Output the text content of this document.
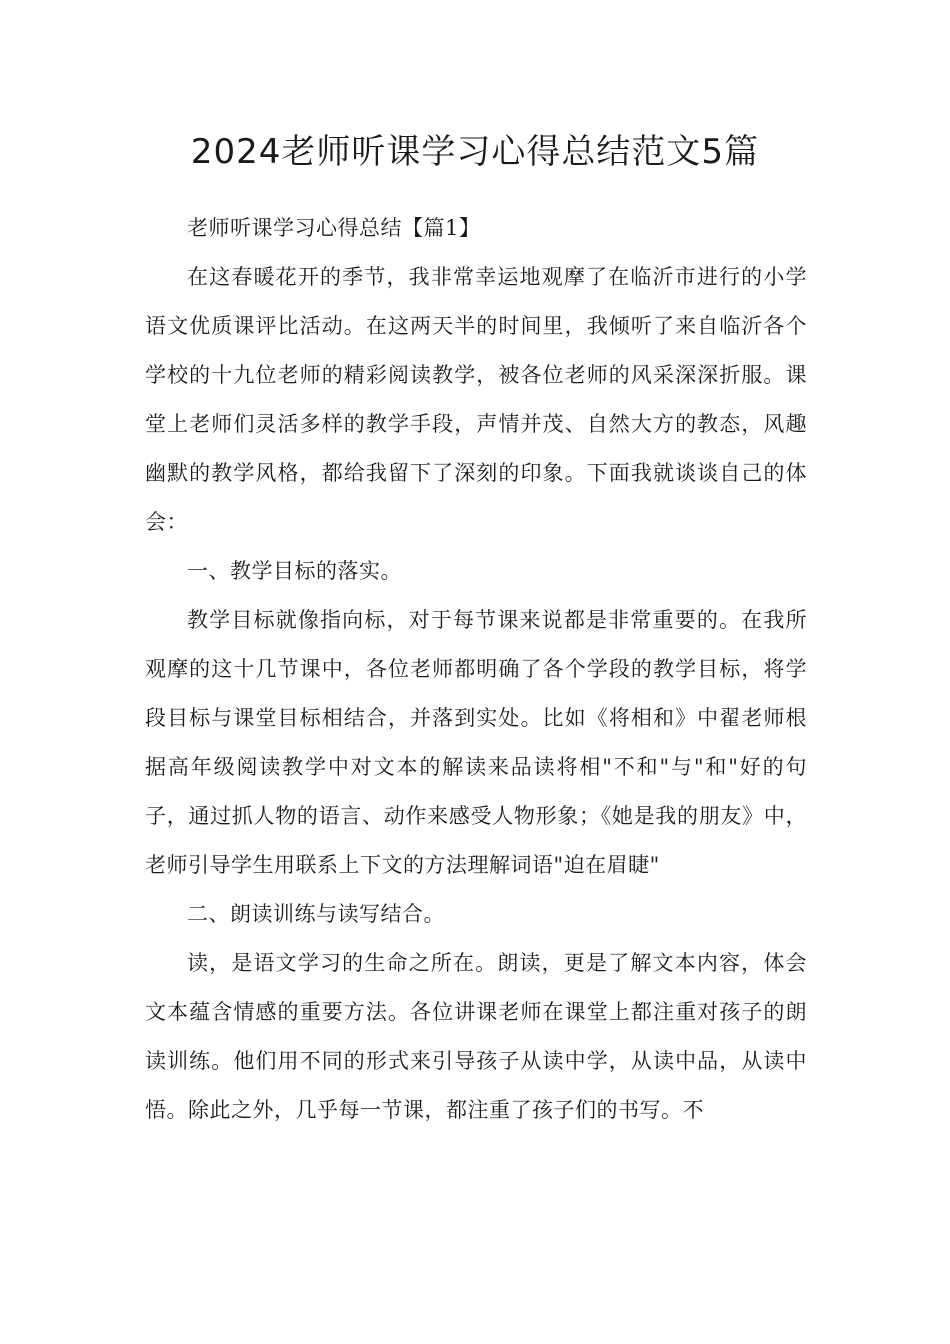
2024老师听课学习心得总结范文5篇

老师听课学习心得总结【篇1】

在这春暖花开的季节，我非常幸运地观摩了在临沂市进行的小学语文优质课评比活动。在这两天半的时间里，我倾听了来自临沂各个学校的十九位老师的精彩阅读教学，被各位老师的风采深深折服。课堂上老师们灵活多样的教学手段，声情并茂、自然大方的教态，风趣幽默的教学风格，都给我留下了深刻的印象。下面我就谈谈自己的体会：

一、教学目标的落实。

教学目标就像指向标，对于每节课来说都是非常重要的。在我所观摩的这十几节课中，各位老师都明确了各个学段的教学目标，将学段目标与课堂目标相结合，并落到实处。比如《将相和》中翟老师根据高年级阅读教学中对文本的解读来品读将相"不和"与"和"好的句子，通过抓人物的语言、动作来感受人物形象；《她是我的朋友》中，老师引导学生用联系上下文的方法理解词语"迫在眉睫"

二、朗读训练与读写结合。

读，是语文学习的生命之所在。朗读，更是了解文本内容，体会文本蕴含情感的重要方法。各位讲课老师在课堂上都注重对孩子的朗读训练。他们用不同的形式来引导孩子从读中学，从读中品，从读中悟。除此之外，几乎每一节课，都注重了孩子们的书写。不
